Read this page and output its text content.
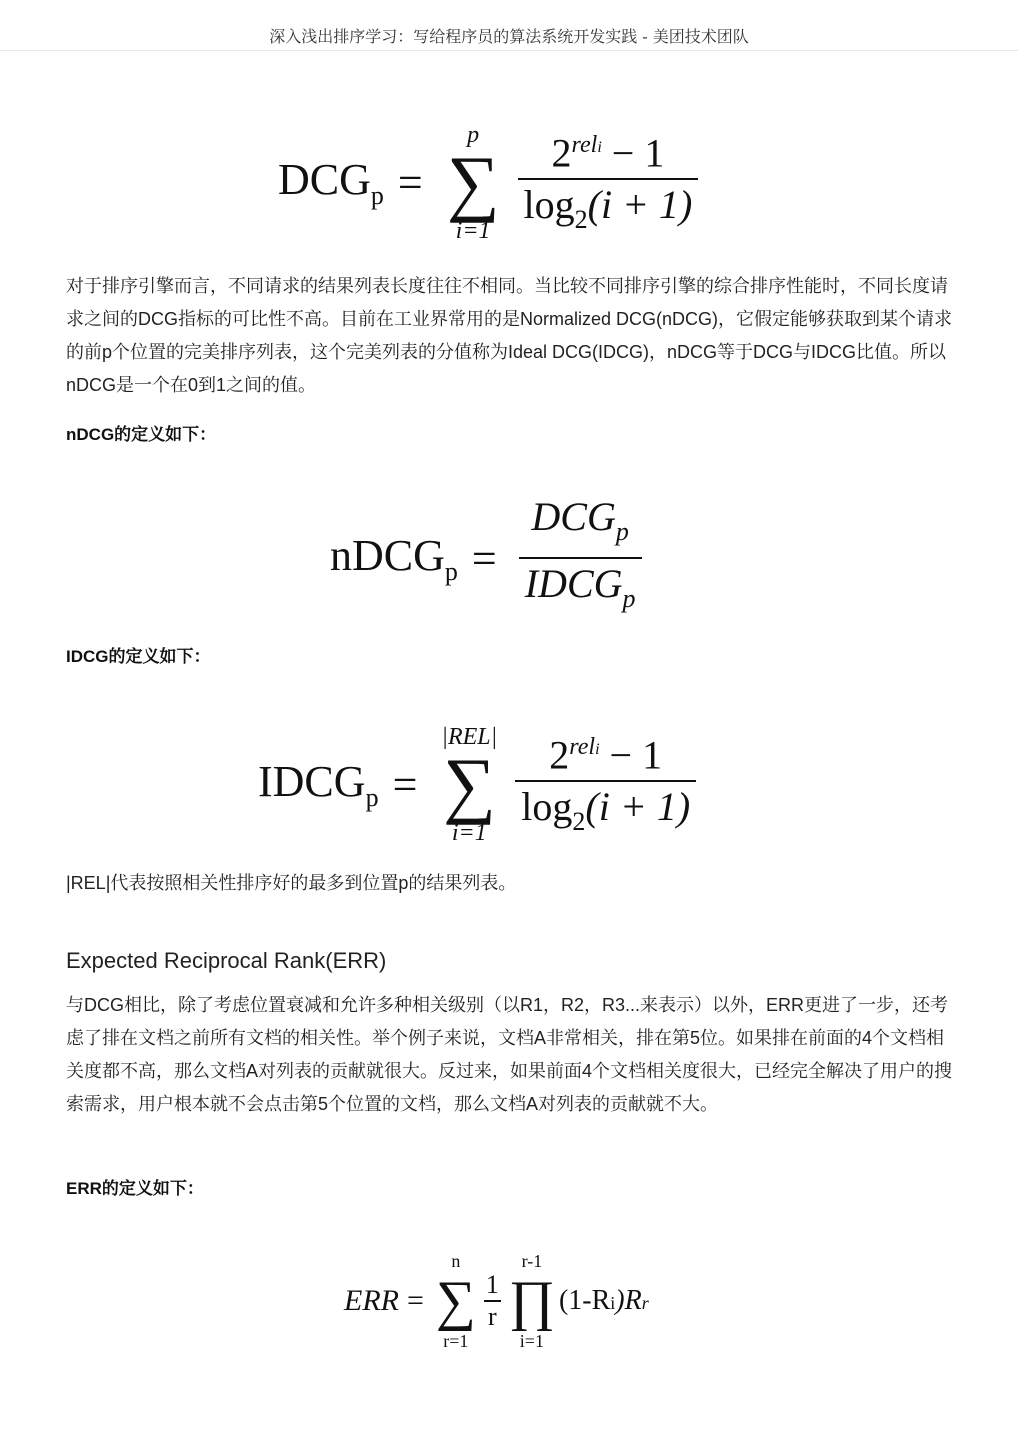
深入浅出排序学习：写给程序员的算法系统开发实践 - 美团技术团队
$DCG_p$ =
p
∑
$i=1 \frac{2^{reli} - 1}{\log_2(i + 1)}$
对于排序引擎而言，不同请求的结果列表长度往往不相同。当比较不同排序引擎的综合排序性能时，不同长度请求之间的DCG指标的可比性不高。目前在工业界常用的是Normalized DCG(nDCG)，它假定能够获取到某个请求的前p个位置的完美排序列表，这个完美列表的分值称为Ideal DCG(IDCG)，nDCG等于DCG与IDCG比值。所以nDCG是一个在0到1之间的值。
nDCG的定义如下：
nDCG$_p$ = $\frac{DCG_p}{IDCG_p}$
IDCG的定义如下：
$IDCG_p$ =
|REL|
∑
$i=1 \frac{2^{reli} - 1}{\log_2(i + 1)}$
|REL|代表按照相关性排序好的最多到位置p的结果列表。
Expected Reciprocal Rank(ERR)
与DCG相比，除了考虑位置衰减和允许多种相关级别（以R1，R2，R3...来表示）以外，ERR更进了一步，还考虑了排在文档之前所有文档的相关性。举个例子来说，文档A非常相关，排在第5位。如果排在前面的4个文档相关度都不高，那么文档A对列表的贡献就很大。反过来，如果前面4个文档相关度很大，已经完全解决了用户的搜索需求，用户根本就不会点击第5个位置的文档，那么文档A对列表的贡献就不大。
ERR的定义如下：
ERR =
n
∑
r=1
$\frac{1}{r}$
r-1
∏
i=1
(1-Ri)Rr
